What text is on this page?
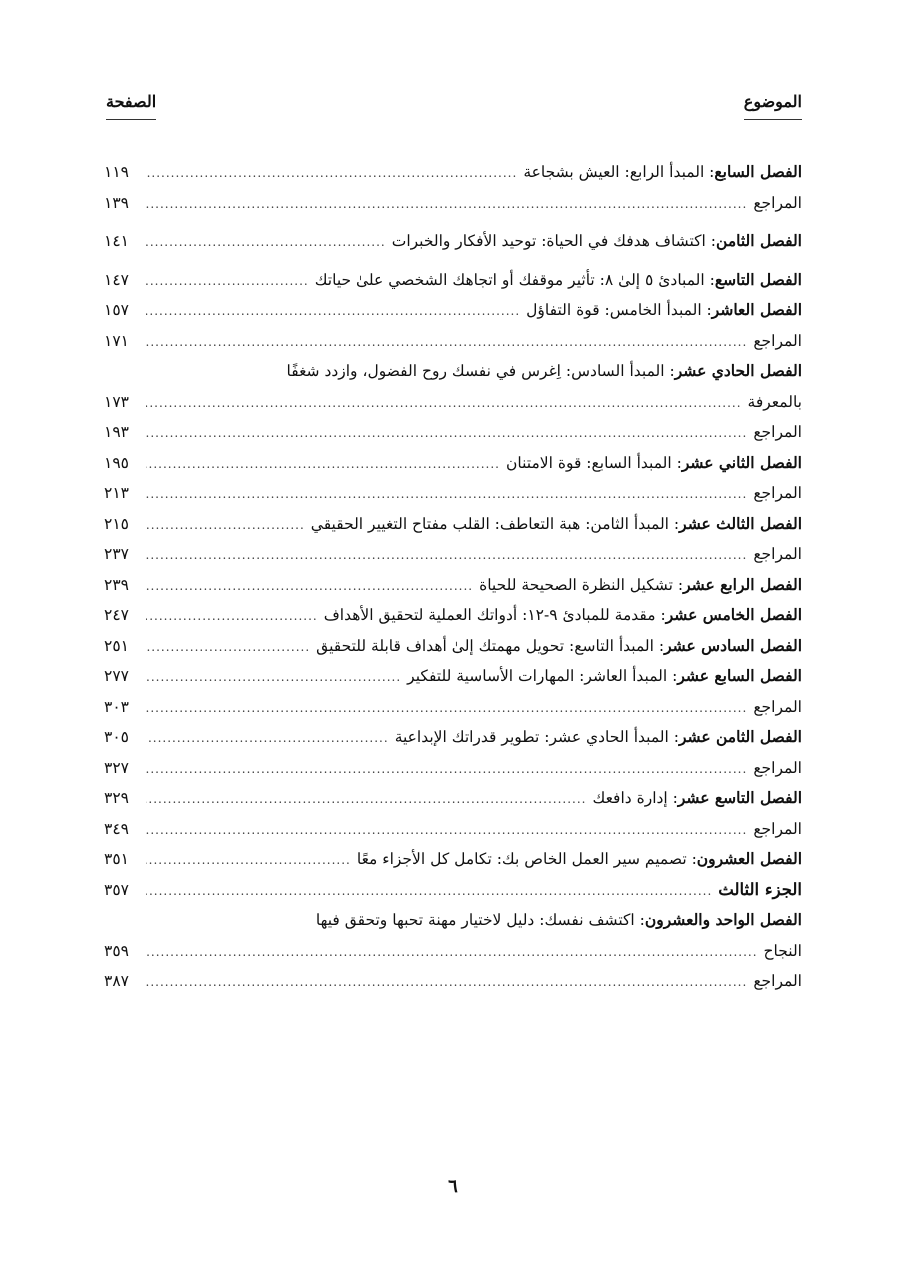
الموضوع
الصفحة
الفصل السابع: المبدأ الرابع: العيش بشجاعة
.....
١١٩
المراجع
.....
١٣٩
الفصل الثامن: اكتشاف هدفك في الحياة: توحيد الأفكار والخبرات
.....
١٤١
الفصل التاسع: المبادئ ٥ إلىٰ ٨: تأثير موقفك أو اتجاهك الشخصي علىٰ حياتك
.....
١٤٧
الفصل العاشر: المبدأ الخامس: قوة التفاؤل
.....
١٥٧
المراجع
.....
١٧١
الفصل الحادي عشر: المبدأ السادس: اِغرس في نفسك روح الفضول، وازدد شغفًا
بالمعرفة
.....
١٧٣
المراجع
.....
١٩٣
الفصل الثاني عشر: المبدأ السابع: قوة الامتنان
.....
١٩٥
المراجع
.....
٢١٣
الفصل الثالث عشر: المبدأ الثامن: هبة التعاطف: القلب مفتاح التغيير الحقيقي
.....
٢١٥
المراجع
.....
٢٣٧
الفصل الرابع عشر: تشكيل النظرة الصحيحة للحياة
.....
٢٣٩
الفصل الخامس عشر: مقدمة للمبادئ ٩-١٢: أدواتك العملية لتحقيق الأهداف
.....
٢٤٧
الفصل السادس عشر: المبدأ التاسع: تحويل مهمتك إلىٰ أهداف قابلة للتحقيق
.....
٢٥١
الفصل السابع عشر: المبدأ العاشر: المهارات الأساسية للتفكير
.....
٢٧٧
المراجع
.....
٣٠٣
الفصل الثامن عشر: المبدأ الحادي عشر: تطوير قدراتك الإبداعية
.....
٣٠٥
المراجع
.....
٣٢٧
الفصل التاسع عشر: إدارة دافعك
.....
٣٢٩
المراجع
.....
٣٤٩
الفصل العشرون: تصميم سير العمل الخاص بك: تكامل كل الأجزاء معًا
.....
٣٥١
الجزء الثالث
.....
٣٥٧
الفصل الواحد والعشرون: اكتشف نفسك: دليل لاختيار مهنة تحبها وتحقق فيها
النجاح
.....
٣٥٩
المراجع
.....
٣٨٧
٦
